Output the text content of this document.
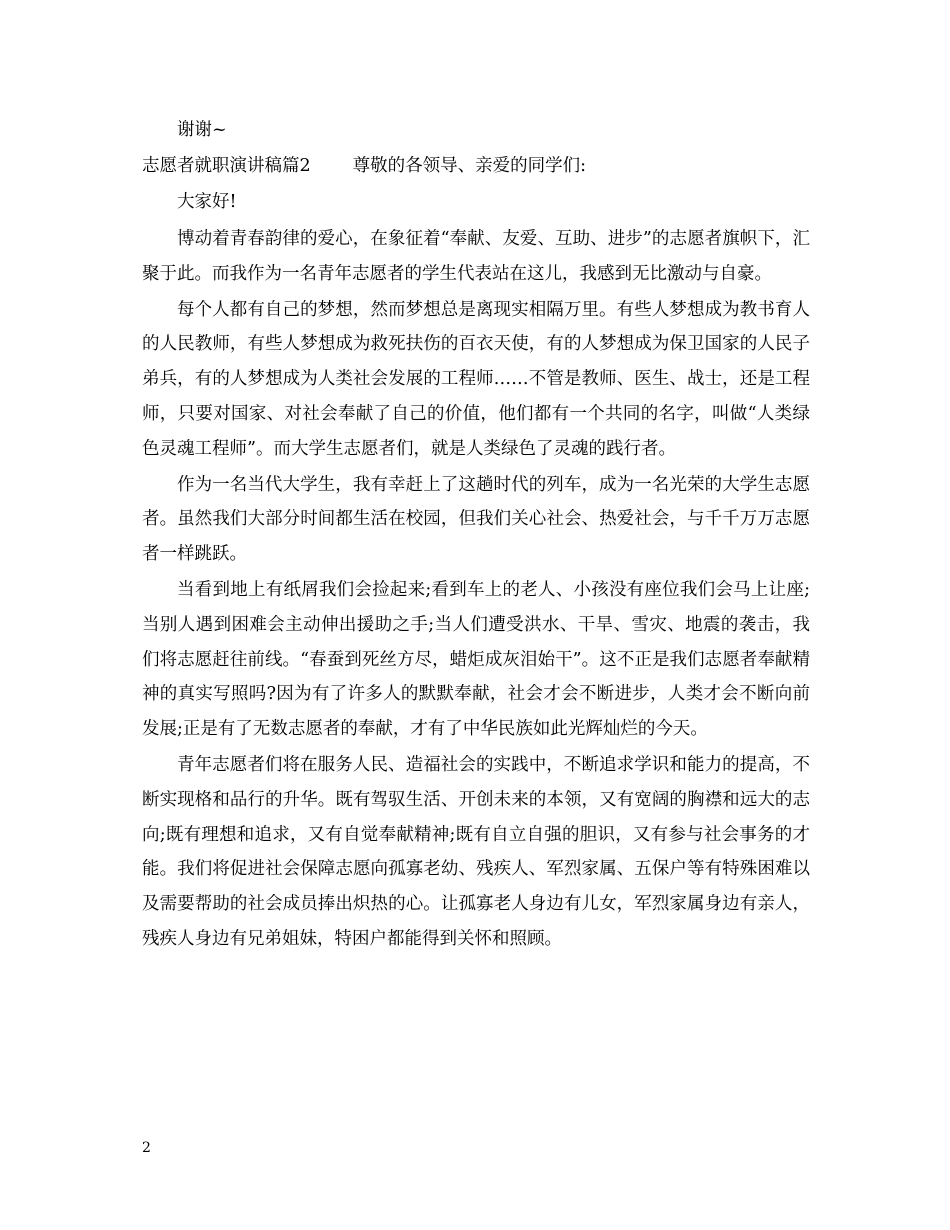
谢谢~

志愿者就职演讲稿篇2 尊敬的各领导、亲爱的同学们:

大家好!

博动着青春韵律的爱心，在象征着“奉献、友爱、互助、进步”的志愿者旗帜下，汇聚于此。而我作为一名青年志愿者的学生代表站在这儿，我感到无比激动与自豪。

每个人都有自己的梦想，然而梦想总是离现实相隔万里。有些人梦想成为教书育人的人民教师，有些人梦想成为救死扶伤的百衣天使，有的人梦想成为保卫国家的人民子弟兵，有的人梦想成为人类社会发展的工程师……不管是教师、医生、战士，还是工程师，只要对国家、对社会奉献了自己的价值，他们都有一个共同的名字，叫做“人类绿色灵魂工程师”。而大学生志愿者们，就是人类绿色了灵魂的践行者。

作为一名当代大学生，我有幸赶上了这趟时代的列车，成为一名光荣的大学生志愿者。虽然我们大部分时间都生活在校园，但我们关心社会、热爱社会，与千千万万志愿者一样跳跃。

当看到地上有纸屑我们会捡起来;看到车上的老人、小孩没有座位我们会马上让座;当别人遇到困难会主动伸出援助之手;当人们遭受洪水、干旱、雪灾、地震的袭击，我们将志愿赶往前线。“春蚕到死丝方尽，蜡炬成灰泪始干”。这不正是我们志愿者奉献精神的真实写照吗?因为有了许多人的默默奉献，社会才会不断进步，人类才会不断向前发展;正是有了无数志愿者的奉献，才有了中华民族如此光辉灿烂的今天。

青年志愿者们将在服务人民、造福社会的实践中，不断追求学识和能力的提高，不断实现格和品行的升华。既有驾驭生活、开创未来的本领，又有宽阔的胸襟和远大的志向;既有理想和追求，又有自觉奉献精神;既有自立自强的胆识，又有参与社会事务的才能。我们将促进社会保障志愿向孤寡老幼、残疾人、军烈家属、五保户等有特殊困难以及需要帮助的社会成员捧出炽热的心。让孤寡老人身边有儿女，军烈家属身边有亲人，残疾人身边有兄弟姐妹，特困户都能得到关怀和照顾。

2
